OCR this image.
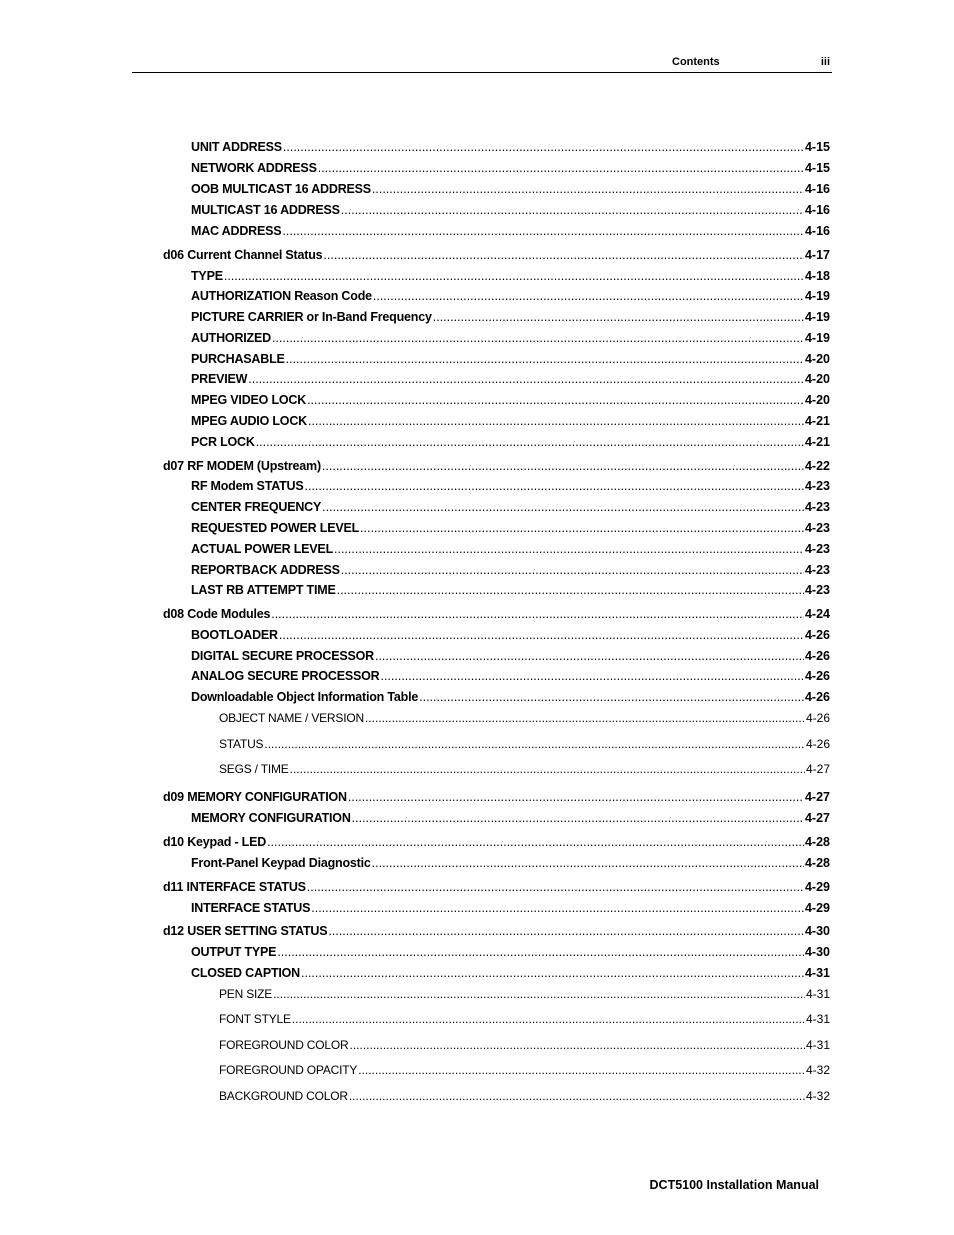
Contents	iii
UNIT ADDRESS .....	4-15
NETWORK ADDRESS .....	4-15
OOB MULTICAST 16 ADDRESS .....	4-16
MULTICAST 16 ADDRESS .....	4-16
MAC ADDRESS .....	4-16
d06 Current Channel Status .....	4-17
TYPE .....	4-18
AUTHORIZATION Reason Code .....	4-19
PICTURE CARRIER or In-Band Frequency .....	4-19
AUTHORIZED .....	4-19
PURCHASABLE .....	4-20
PREVIEW .....	4-20
MPEG VIDEO LOCK .....	4-20
MPEG AUDIO LOCK .....	4-21
PCR LOCK .....	4-21
d07 RF MODEM (Upstream) .....	4-22
RF Modem STATUS .....	4-23
CENTER FREQUENCY .....	4-23
REQUESTED POWER LEVEL .....	4-23
ACTUAL POWER LEVEL .....	4-23
REPORTBACK ADDRESS .....	4-23
LAST RB ATTEMPT TIME .....	4-23
d08 Code Modules .....	4-24
BOOTLOADER .....	4-26
DIGITAL SECURE PROCESSOR .....	4-26
ANALOG SECURE PROCESSOR .....	4-26
Downloadable Object Information Table .....	4-26
OBJECT NAME / VERSION .....	4-26
STATUS .....	4-26
SEGS / TIME .....	4-27
d09 MEMORY CONFIGURATION .....	4-27
MEMORY CONFIGURATION .....	4-27
d10 Keypad - LED .....	4-28
Front-Panel Keypad Diagnostic .....	4-28
d11 INTERFACE STATUS .....	4-29
INTERFACE STATUS .....	4-29
d12 USER SETTING STATUS .....	4-30
OUTPUT TYPE .....	4-30
CLOSED CAPTION .....	4-31
PEN SIZE .....	4-31
FONT STYLE .....	4-31
FOREGROUND COLOR .....	4-31
FOREGROUND OPACITY .....	4-32
BACKGROUND COLOR .....	4-32
DCT5100 Installation Manual
